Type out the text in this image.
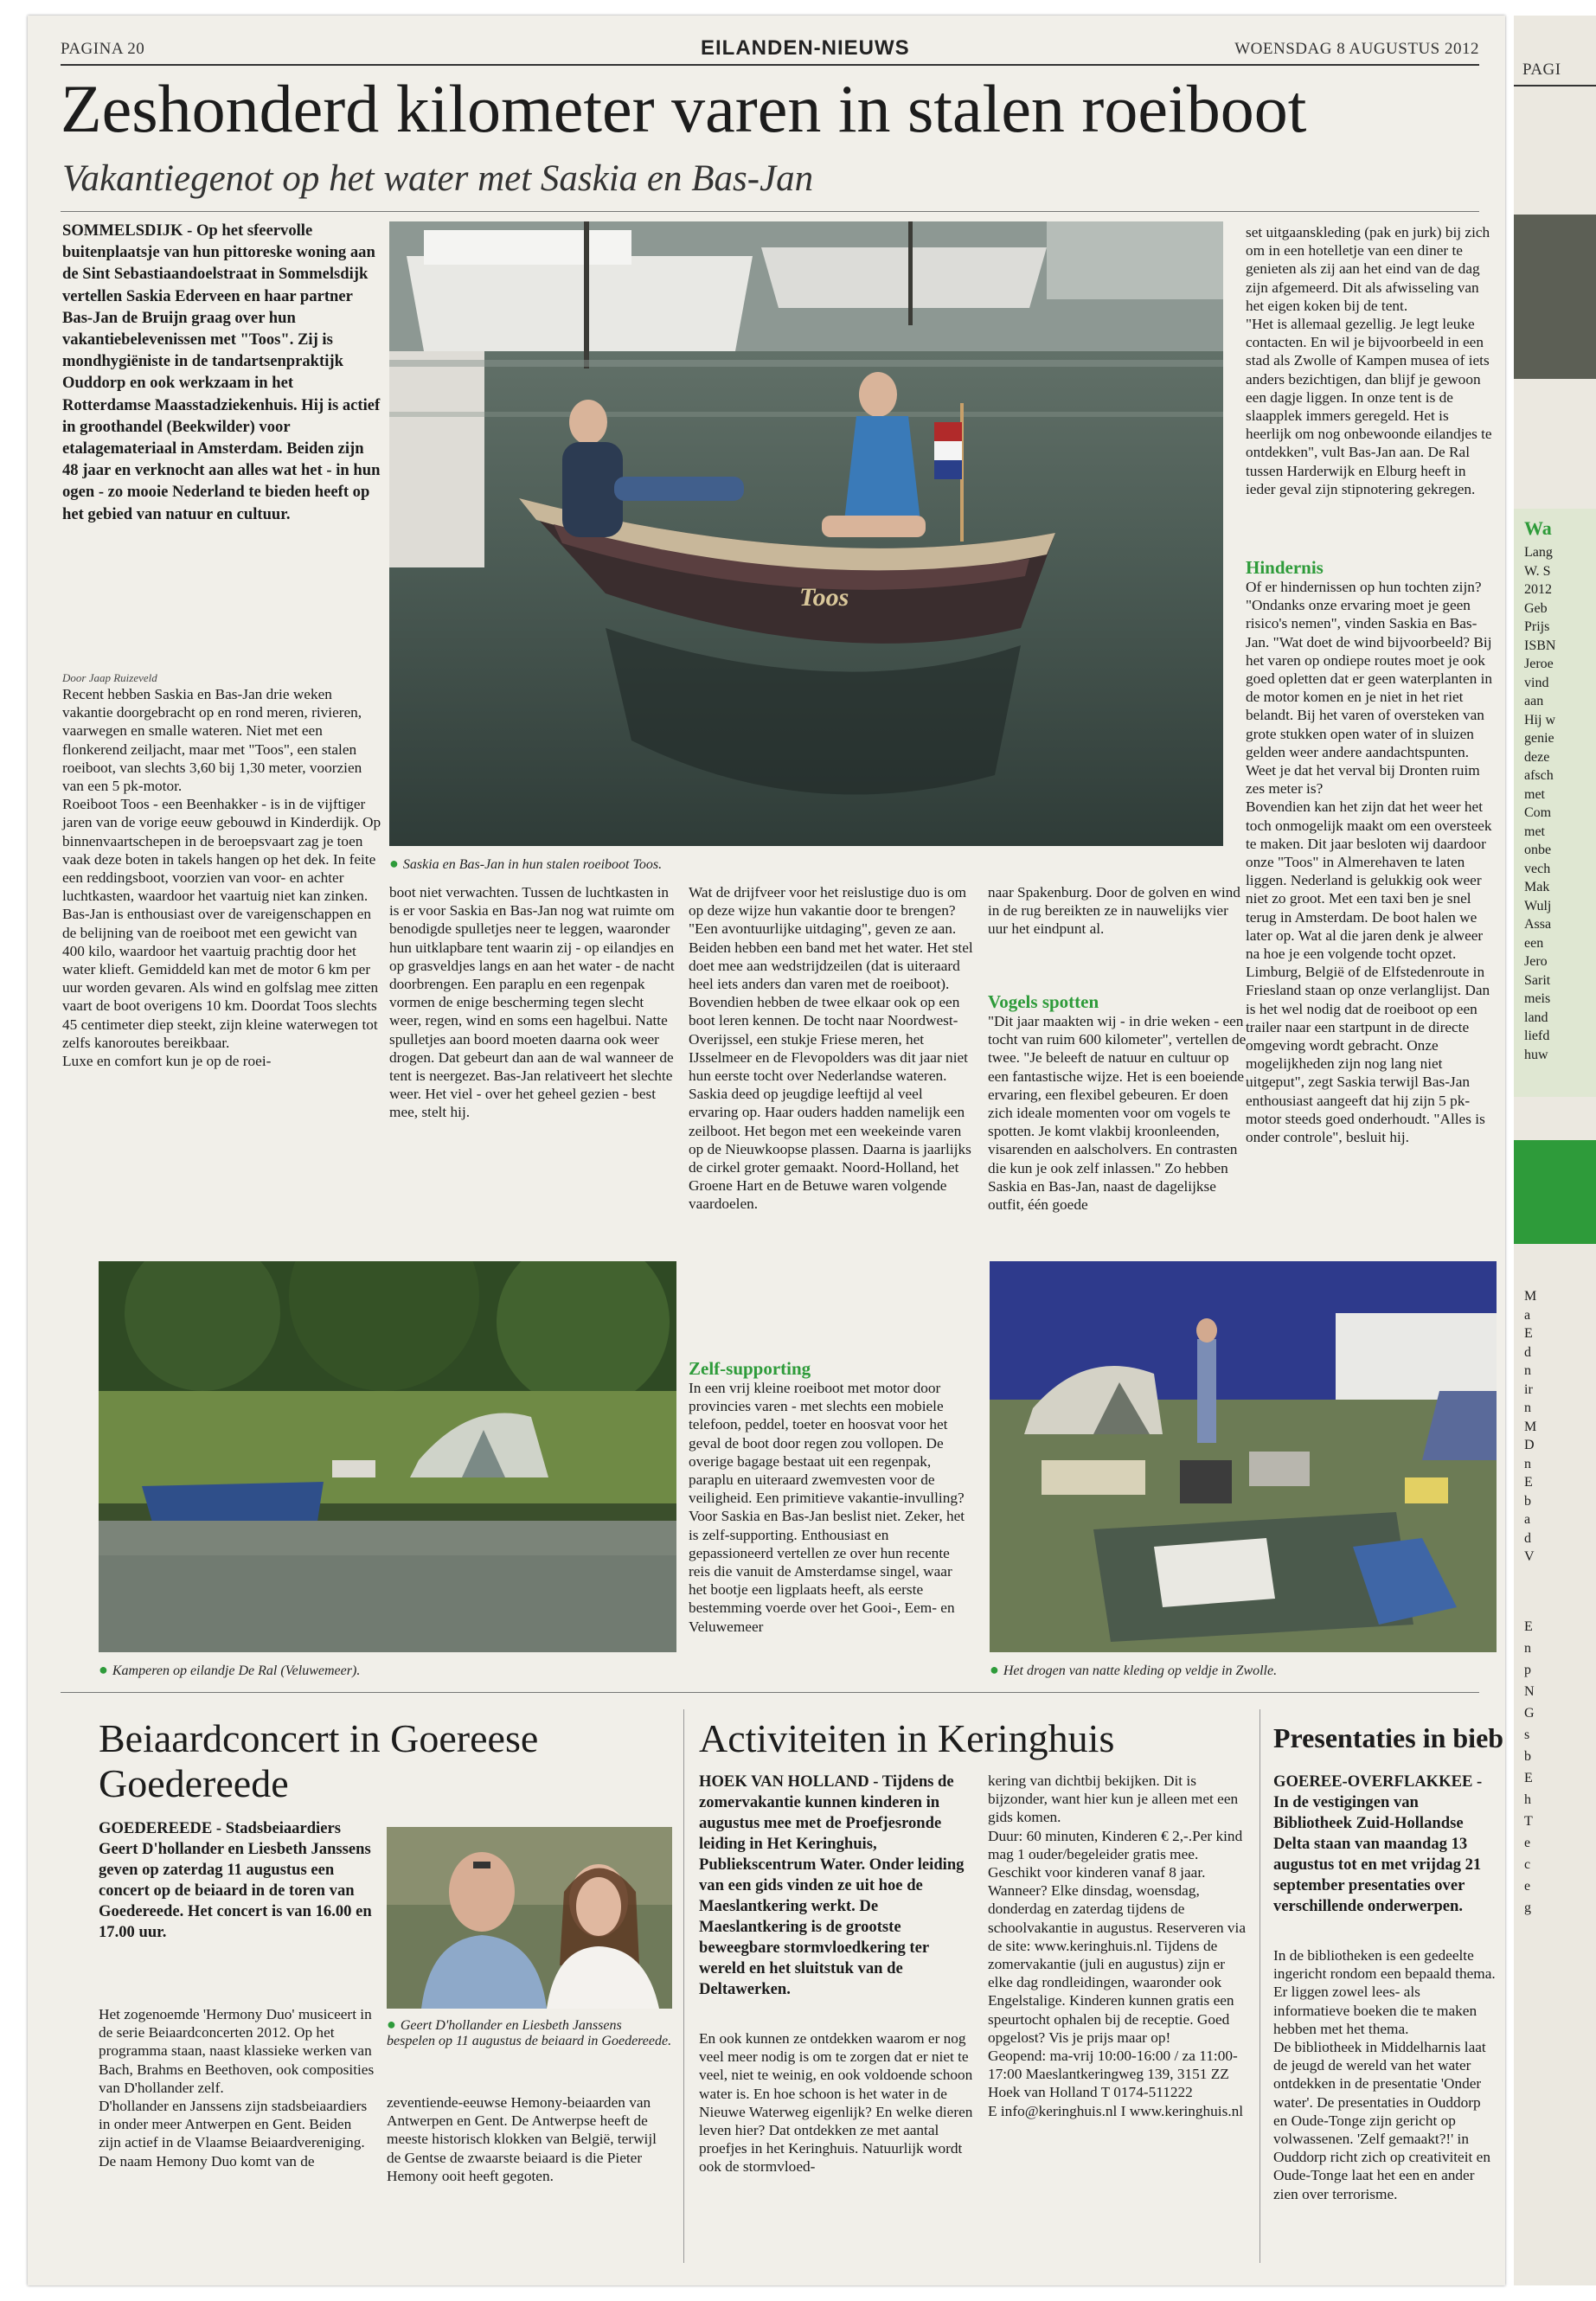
PAGINA 20	EILANDEN-NIEUWS	WOENSDAG 8 AUGUSTUS 2012
Zeshonderd kilometer varen in stalen roeiboot
Vakantiegenot op het water met Saskia en Bas-Jan
SOMMELSDIJK - Op het sfeervolle buitenplaatsje van hun pittoreske woning aan de Sint Sebastiaandoelstraat in Sommelsdijk vertellen Saskia Ederveen en haar partner Bas-Jan de Bruijn graag over hun vakantiebelevenissen met "Toos". Zij is mondhygiëniste in de tandartsenpraktijk Ouddorp en ook werkzaam in het Rotterdamse Maasstadziekenhuis. Hij is actief in groothandel (Beekwilder) voor etalagemateriaal in Amsterdam. Beiden zijn 48 jaar en verknocht aan alles wat het - in hun ogen - zo mooie Nederland te bieden heeft op het gebied van natuur en cultuur.
Door Jaap Ruizeveld
Recent hebben Saskia en Bas-Jan drie weken vakantie doorgebracht op en rond meren, rivieren, vaarwegen en smalle wateren. Niet met een flonkerend zeiljacht, maar met "Toos", een stalen roeiboot, van slechts 3,60 bij 1,30 meter, voorzien van een 5 pk-motor.
Roeiboot Toos - een Beenhakker - is in de vijftiger jaren van de vorige eeuw gebouwd in Kinderdijk. Op binnenvaartschepen in de beroepsvaart zag je toen vaak deze boten in takels hangen op het dek. In feite een reddingsboot, voorzien van voor- en achter luchtkasten, waardoor het vaartuig niet kan zinken. Bas-Jan is enthousiast over de vareigenschappen en de belijning van de roeiboot met een gewicht van 400 kilo, waardoor het vaartuig prachtig door het water klieft. Gemiddeld kan met de motor 6 km per uur worden gevaren. Als wind en golfslag mee zitten vaart de boot overigens 10 km. Doordat Toos slechts 45 centimeter diep steekt, zijn kleine waterwegen tot zelfs kanoroutes bereikbaar.
Luxe en comfort kun je op de roei-
Toos
● Saskia en Bas-Jan in hun stalen roeiboot Toos.
boot niet verwachten. Tussen de luchtkasten in is er voor Saskia en Bas-Jan nog wat ruimte om benodigde spulletjes neer te leggen, waaronder hun uitklapbare tent waarin zij - op eilandjes en op grasveldjes langs en aan het water - de nacht doorbrengen. Een paraplu en een regenpak vormen de enige bescherming tegen slecht weer, regen, wind en soms een hagelbui. Natte spulletjes aan boord moeten daarna ook weer drogen. Dat gebeurt dan aan de wal wanneer de tent is neergezet. Bas-Jan relativeert het slechte weer. Het viel - over het geheel gezien - best mee, stelt hij.
Wat de drijfveer voor het reislustige duo is om op deze wijze hun vakantie door te brengen? "Een avontuurlijke uitdaging", geven ze aan. Beiden hebben een band met het water. Het stel doet mee aan wedstrijdzeilen (dat is uiteraard heel iets anders dan varen met de roeiboot). Bovendien hebben de twee elkaar ook op een boot leren kennen. De tocht naar Noordwest-Overijssel, een stukje Friese meren, het IJsselmeer en de Flevopolders was dit jaar niet hun eerste tocht over Nederlandse wateren. Saskia deed op jeugdige leeftijd al veel ervaring op. Haar ouders hadden namelijk een zeilboot. Het begon met een weekeinde varen op de Nieuwkoopse plassen. Daarna is jaarlijks de cirkel groter gemaakt. Noord-Holland, het Groene Hart en de Betuwe waren volgende vaardoelen.
Zelf-supporting
In een vrij kleine roeiboot met motor door provincies varen - met slechts een mobiele telefoon, peddel, toeter en hoosvat voor het geval de boot door regen zou vollopen. De overige bagage bestaat uit een regenpak, paraplu en uiteraard zwemvesten voor de veiligheid. Een primitieve vakantie-invulling? Voor Saskia en Bas-Jan beslist niet. Zeker, het is zelf-supporting. Enthousiast en gepassioneerd vertellen ze over hun recente reis die vanuit de Amsterdamse singel, waar het bootje een ligplaats heeft, als eerste bestemming voerde over het Gooi-, Eem- en Veluwemeer
naar Spakenburg. Door de golven en wind in de rug bereikten ze in nauwelijks vier uur het eindpunt al.
Vogels spotten
"Dit jaar maakten wij - in drie weken - een tocht van ruim 600 kilometer", vertellen de twee. "Je beleeft de natuur en cultuur op een fantastische wijze. Het is een boeiende ervaring, een flexibel gebeuren. Er doen zich ideale momenten voor om vogels te spotten. Je komt vlakbij kroonleenden, visarenden en aalscholvers. En contrasten die kun je ook zelf inlassen." Zo hebben Saskia en Bas-Jan, naast de dagelijkse outfit, één goede
set uitgaanskleding (pak en jurk) bij zich om in een hotelletje van een diner te genieten als zij aan het eind van de dag zijn afgemeerd. Dit als afwisseling van het eigen koken bij de tent.
"Het is allemaal gezellig. Je legt leuke contacten. En wil je bijvoorbeeld in een stad als Zwolle of Kampen musea of iets anders bezichtigen, dan blijf je gewoon een dagje liggen. In onze tent is de slaapplek immers geregeld. Het is heerlijk om nog onbewoonde eilandjes te ontdekken", vult Bas-Jan aan. De Ral tussen Harderwijk en Elburg heeft in ieder geval zijn stipnotering gekregen.
Hindernis
Of er hindernissen op hun tochten zijn? "Ondanks onze ervaring moet je geen risico's nemen", vinden Saskia en Bas-Jan. "Wat doet de wind bijvoorbeeld? Bij het varen op ondiepe routes moet je ook goed opletten dat er geen waterplanten in de motor komen en je niet in het riet belandt. Bij het varen of oversteken van grote stukken open water of in sluizen gelden weer andere aandachtspunten. Weet je dat het verval bij Dronten ruim zes meter is?
Bovendien kan het zijn dat het weer het toch onmogelijk maakt om een oversteek te maken. Dit jaar besloten wij daardoor onze "Toos" in Almerehaven te laten liggen. Nederland is gelukkig ook weer niet zo groot. Met een taxi ben je snel terug in Amsterdam. De boot halen we later op. Wat al die jaren denk je alweer na hoe je een volgende tocht opzet. Limburg, België of de Elfstedenroute in Friesland staan op onze verlanglijst. Dan is het wel nodig dat de roeiboot op een trailer naar een startpunt in de directe omgeving wordt gebracht. Onze mogelijkheden zijn nog lang niet uitgeput", zegt Saskia terwijl Bas-Jan enthousiast aangeeft dat hij zijn 5 pk-motor steeds goed onderhoudt. "Alles is onder controle", besluit hij.
● Kamperen op eilandje De Ral (Veluwemeer).	● Het drogen van natte kleding op veldje in Zwolle.
Beiaardconcert in Goereese Goedereede
GOEDEREEDE - Stadsbeiaardiers Geert D'hollander en Liesbeth Janssens geven op zaterdag 11 augustus een concert op de beiaard in de toren van Goedereede. Het concert is van 16.00 en 17.00 uur.
Het zogenoemde 'Hermony Duo' musiceert in de serie Beiaardconcerten 2012. Op het programma staan, naast klassieke werken van Bach, Brahms en Beethoven, ook composities van D'hollander zelf.
D'hollander en Janssens zijn stadsbeiaardiers in onder meer Antwerpen en Gent. Beiden zijn actief in de Vlaamse Beiaardvereniging.
De naam Hemony Duo komt van de
● Geert D'hollander en Liesbeth Janssens bespelen op 11 augustus de beiaard in Goedereede.
zeventiende-eeuwse Hemony-beiaarden van Antwerpen en Gent. De Antwerpse heeft de meeste historisch klokken van België, terwijl de Gentse de zwaarste beiaard is die Pieter Hemony ooit heeft gegoten.
Activiteiten in Keringhuis
HOEK VAN HOLLAND - Tijdens de zomervakantie kunnen kinderen in augustus mee met de Proefjesronde​leiding in Het Keringhuis, Publiekscentrum Water. Onder leiding van een gids vinden ze uit hoe de Maeslantkering werkt. De Maeslantkering is de grootste beweegbare stormvloedkering ter wereld en het sluitstuk van de Deltawerken.
En ook kunnen ze ontdekken waarom er nog veel meer nodig is om te zorgen dat er niet te veel, niet te weinig, en ook voldoende schoon water is. En hoe schoon is het water in de Nieuwe Waterweg eigenlijk? En welke dieren leven hier? Dat ontdekken ze met aantal proefjes in het Keringhuis. Natuurlijk wordt ook de stormvloed-
kering van dichtbij bekijken. Dit is bijzonder, want hier kun je alleen met een gids komen.
Duur: 60 minuten, Kinderen € 2,-.Per kind mag 1 ouder/begeleider gratis mee. Geschikt voor kinderen vanaf 8 jaar. Wanneer? Elke dinsdag, woensdag, donderdag en zaterdag tijdens de schoolvakantie in augustus. Reserveren via de site: www.keringhuis.nl. Tijdens de zomervakantie (juli en augustus) zijn er elke dag rondleidingen, waaronder ook Engelstalige. Kinderen kunnen gratis een speurtocht ophalen bij de receptie. Goed opgelost? Vis je prijs maar op!
Geopend: ma-vrij 10:00-16:00 / za 11:00-17:00 Maeslantkeringweg 139, 3151 ZZ Hoek van Holland T 0174-511222
E info@keringhuis.nl I www.keringhuis.nl
Presentaties in bieb
GOEREE-OVERFLAKKEE - In de vestigingen van Bibliotheek Zuid-Hollandse Delta staan van maandag 13 augustus tot en met vrijdag 21 september presentaties over verschillende onderwerpen.
In de bibliotheken is een gedeelte ingericht rondom een bepaald thema. Er liggen zowel lees- als informatieve boeken die te maken hebben met het thema.
De bibliotheek in Middelharnis laat de jeugd de wereld van het water ontdekken in de presentatie 'Onder water'. De presentaties in Ouddorp en Oude-Tonge zijn gericht op volwassenen. 'Zelf gemaakt?!' in Ouddorp richt zich op creativiteit en Oude-Tonge laat het een en ander zien over terrorisme.
PAGI
Wa
Lang
W. S
2012
Geb
Prijs
ISBN
Jeroe
vind
aan
Hij w
genie
deze
afsch
met
Com
met
onbe
vech
Mak
Wulj
Assa
een
Jero
Sarit
meis
land
liefd
huw
M
a
E
d
n
ir
n
M
D
n
E
b
a
d
V
E
n
p
N
G
s
b
E
h
T
e
c
e
g
